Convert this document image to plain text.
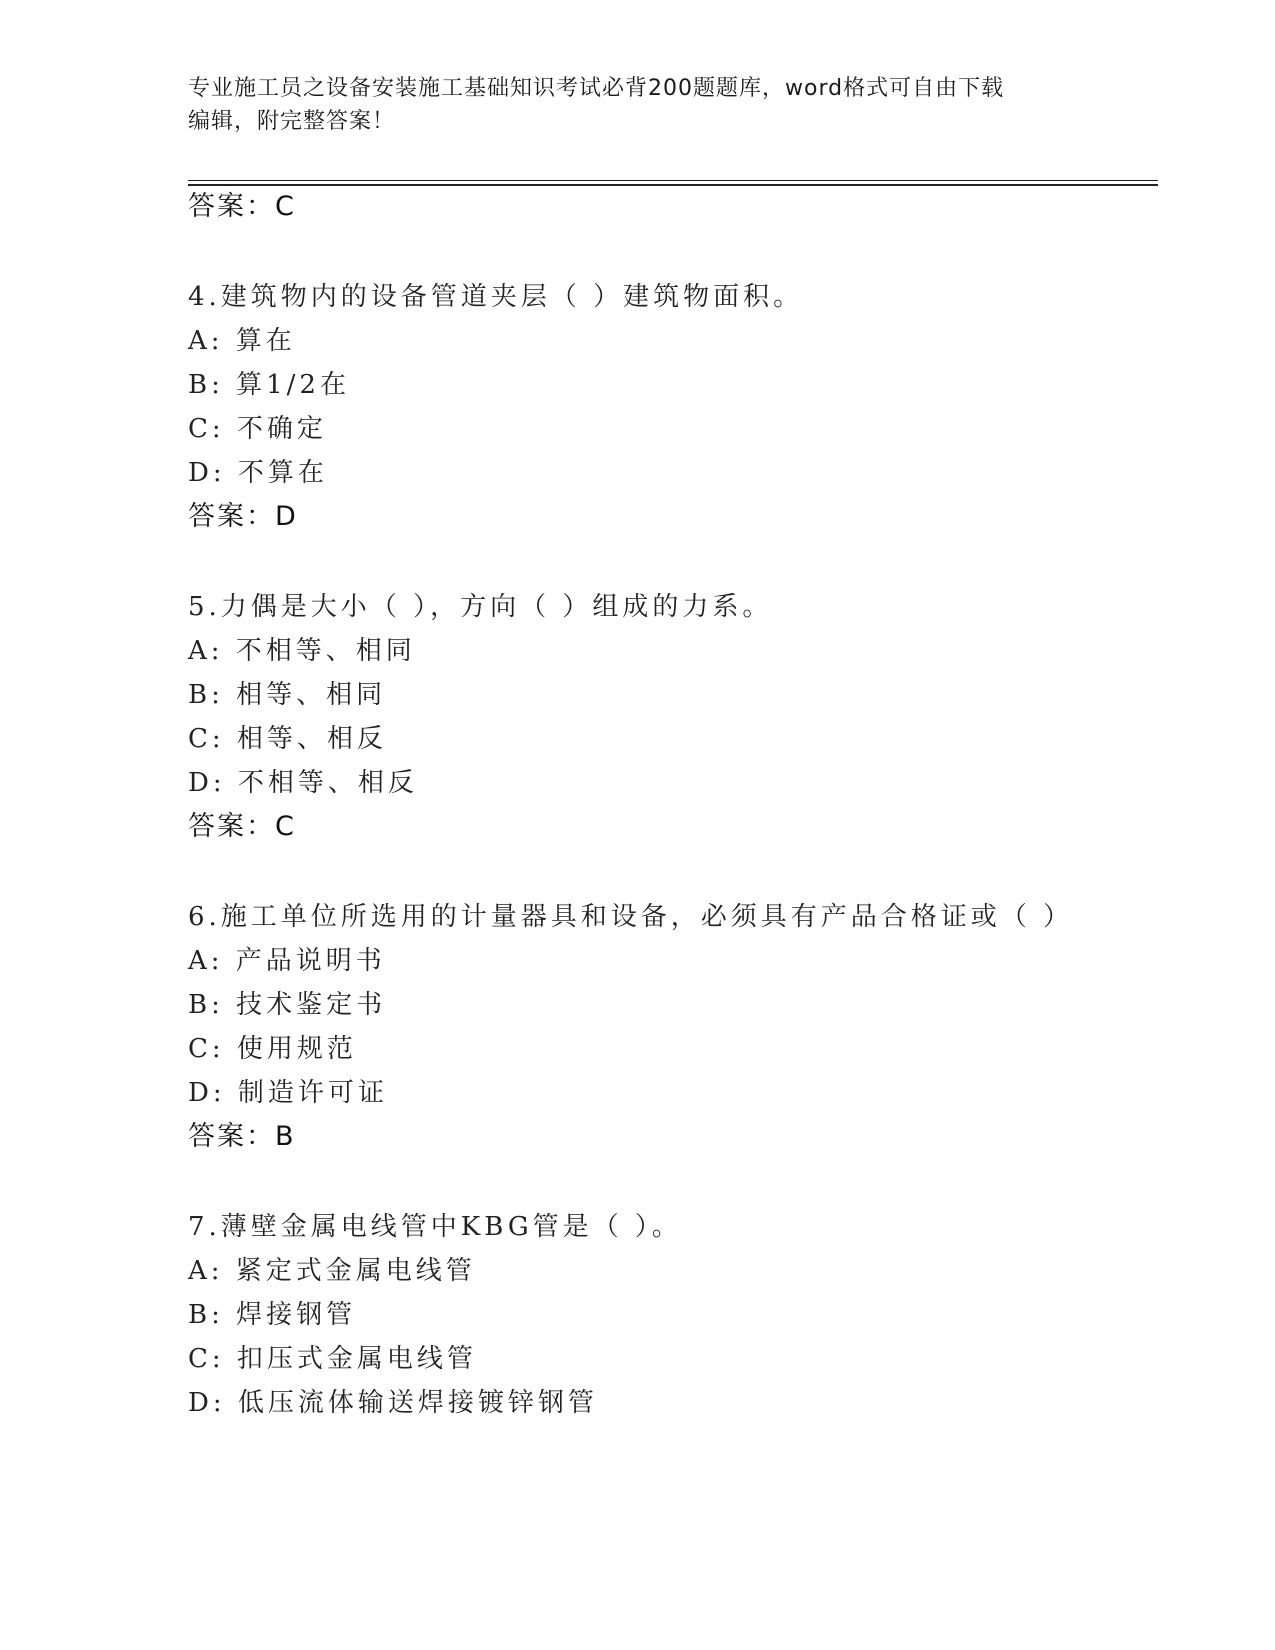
专业施工员之设备安装施工基础知识考试必背200题题库，word格式可自由下载
编辑，附完整答案！
答案：C
4.建筑物内的设备管道夹层（ ）建筑物面积。
A: 算在
B: 算1/2在
C: 不确定
D: 不算在
答案：D
5.力偶是大小（ ），方向（ ）组成的力系。
A: 不相等、相同
B: 相等、相同
C: 相等、相反
D: 不相等、相反
答案：C
6.施工单位所选用的计量器具和设备，必须具有产品合格证或（ ）
A: 产品说明书
B: 技术鉴定书
C: 使用规范
D: 制造许可证
答案：B
7.薄壁金属电线管中KBG管是（ ）。
A: 紧定式金属电线管
B: 焊接钢管
C: 扣压式金属电线管
D: 低压流体输送焊接镀锌钢管
